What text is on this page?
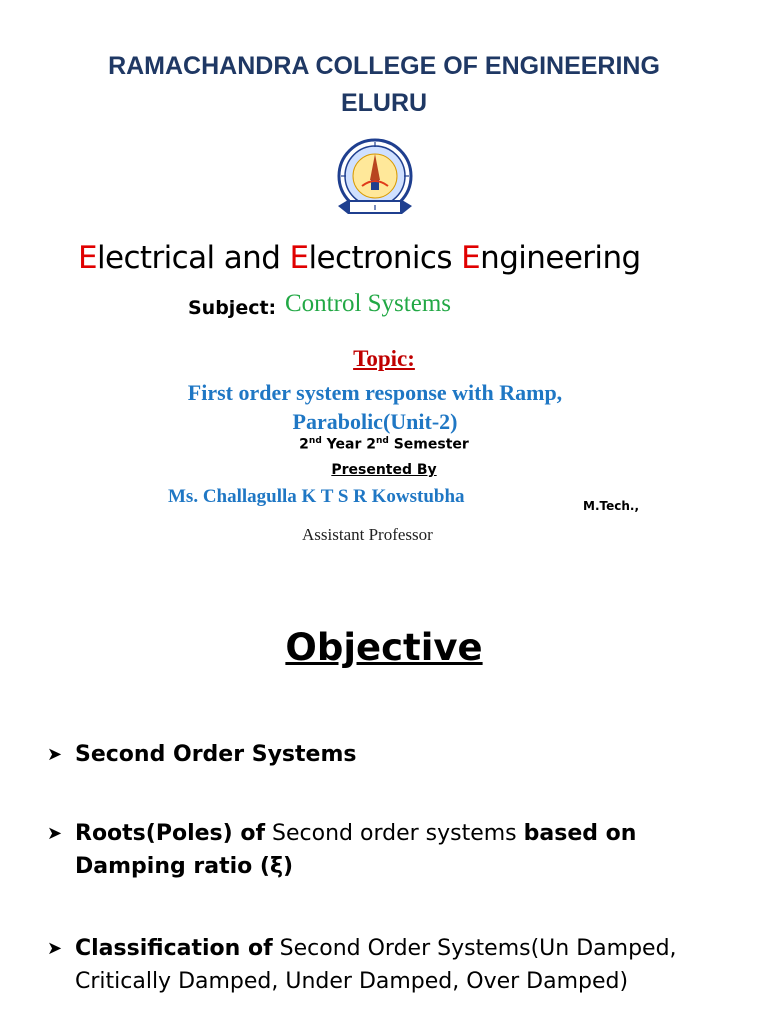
RAMACHANDRA COLLEGE OF ENGINEERING
ELURU
Electrical and Electronics Engineering
Subject: Control Systems
Topic:
First order system response with Ramp,
Parabolic(Unit-2)
2nd Year 2nd Semester
Presented By
Ms. Challagulla K T S R Kowstubha	M.Tech.,
Assistant Professor
Objective
➤ Second Order Systems
➤ Roots(Poles) of Second order systems based on Damping ratio (ξ)
➤ Classification of Second Order Systems(Un Damped, Critically Damped, Under Damped, Over Damped)
